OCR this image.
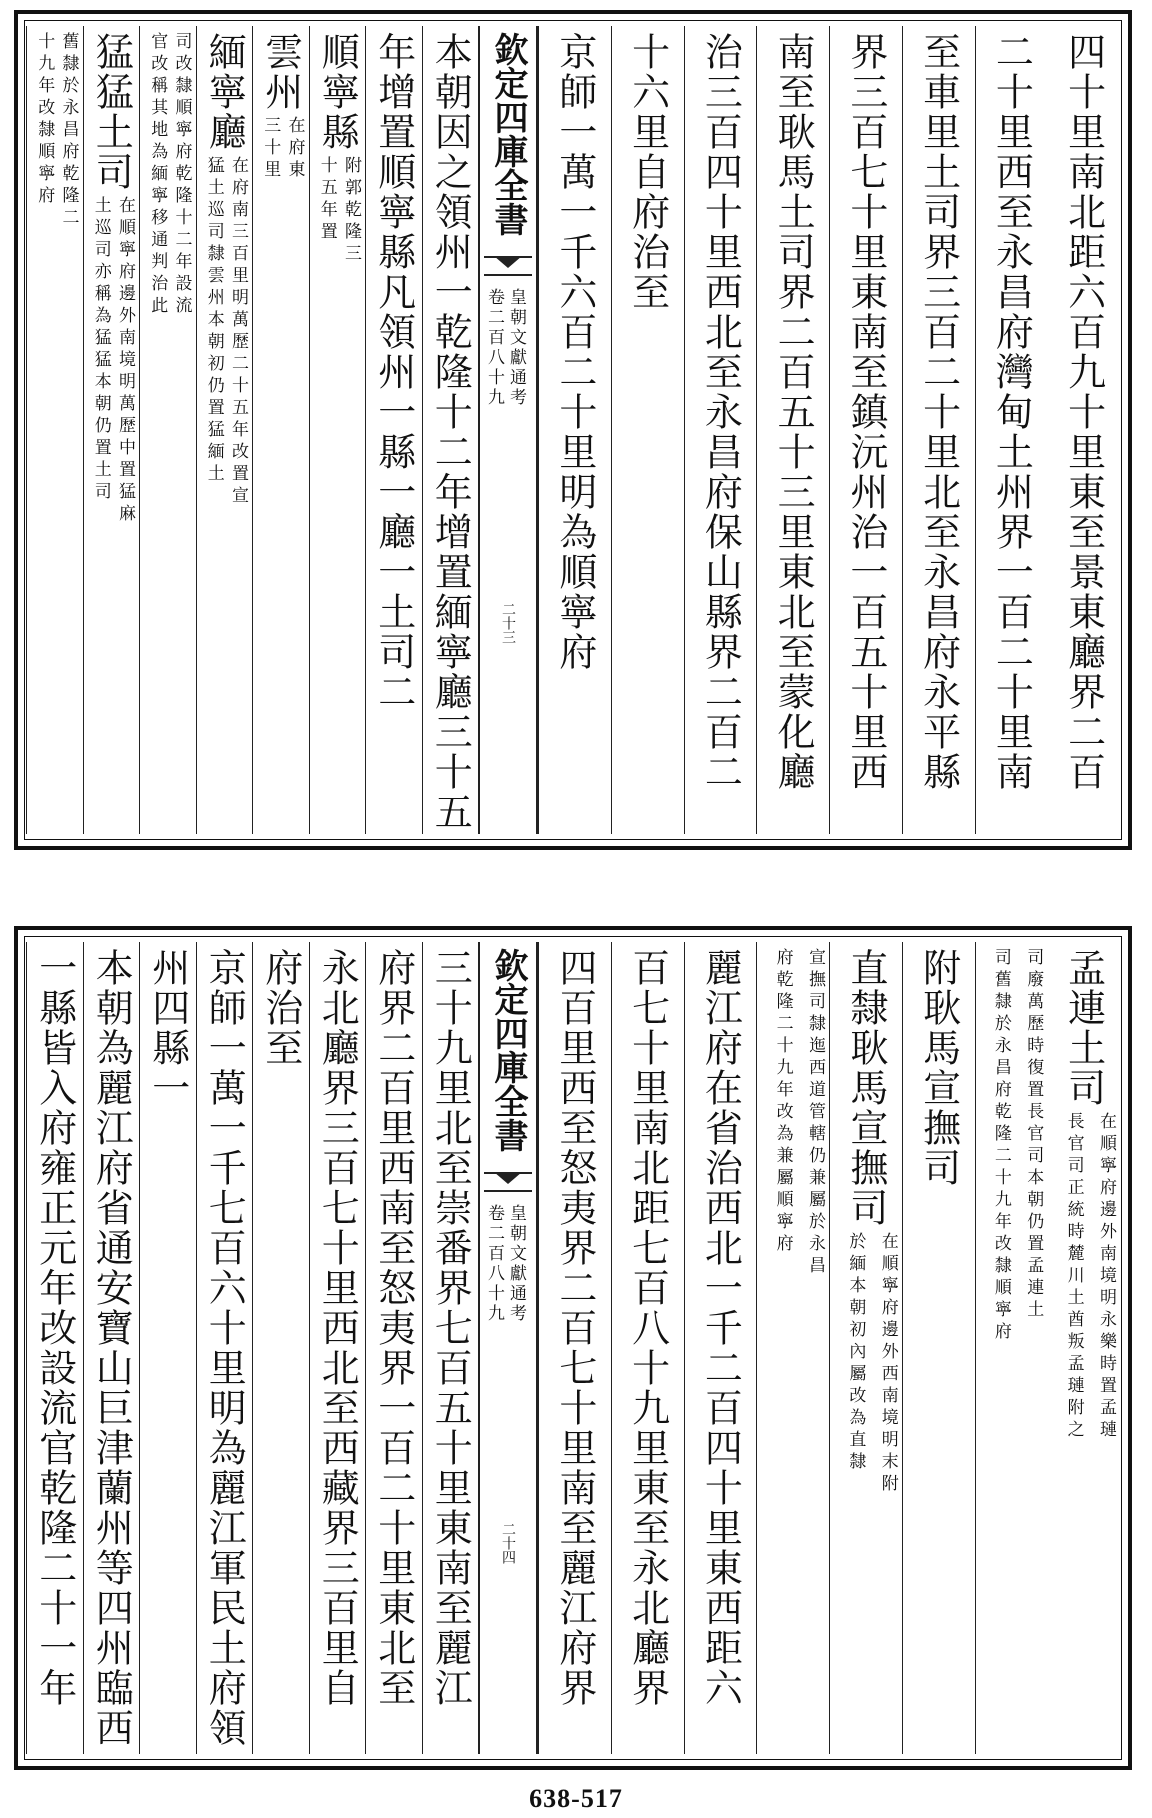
四十里南北距六百九十里東至景東廳界二百
二十里西至永昌府灣甸土州界一百二十里南
至車里土司界三百二十里北至永昌府永平縣
界三百七十里東南至鎮沅州治一百五十里西
南至耿馬土司界二百五十三里東北至蒙化廳
治三百四十里西北至永昌府保山縣界二百二
十六里自府治至
京師一萬一千六百二十里明為順寧府
本朝因之領州一乾隆十二年增置緬寧廳三十五
年增置順寧縣凡領州一縣一廳一土司二
順寧縣
附郭乾隆三
十五年置
雲州
在府東
三十里
緬寧廳
在府南三百里明萬歷二十五年改置宣
猛土巡司隸雲州本朝初仍置猛緬土
司改隸順寧府乾隆十二年設流
官改稱其地為緬寧移通判治此
猛猛土司
在順寧府邊外南境明萬歷中置猛麻
土巡司亦稱為猛猛本朝仍置土司
舊隸於永昌府乾隆二
十九年改隸順寧府	欽定四庫全書
皇朝文獻通考
卷二百八十九
二十三
孟連土司
在順寧府邊外南境明永樂時置孟璉
長官司正統時麓川土酋叛孟璉附之
司廢萬歷時復置長官司本朝仍置孟連土
司舊隸於永昌府乾隆二十九年改隸順寧府
附耿馬宣撫司
直隸耿馬宣撫司
在順寧府邊外西南境明末附
於緬本朝初內屬改為直隸
宣撫司隸迤西道管轄仍兼屬於永昌
府乾隆二十九年改為兼屬順寧府
麗江府在省治西北一千二百四十里東西距六
百七十里南北距七百八十九里東至永北廳界
四百里西至怒夷界二百七十里南至麗江府界
三十九里北至崇番界七百五十里東南至麗江
府界二百里西南至怒夷界一百二十里東北至
永北廳界三百七十里西北至西藏界三百里自
府治至
京師一萬一千七百六十里明為麗江軍民土府領
州四縣一
本朝為麗江府省通安寶山巨津蘭州等四州臨西
一縣皆入府雍正元年改設流官乾隆二十一年	欽定四庫全書
皇朝文獻通考
卷二百八十九
二十四
638-517
